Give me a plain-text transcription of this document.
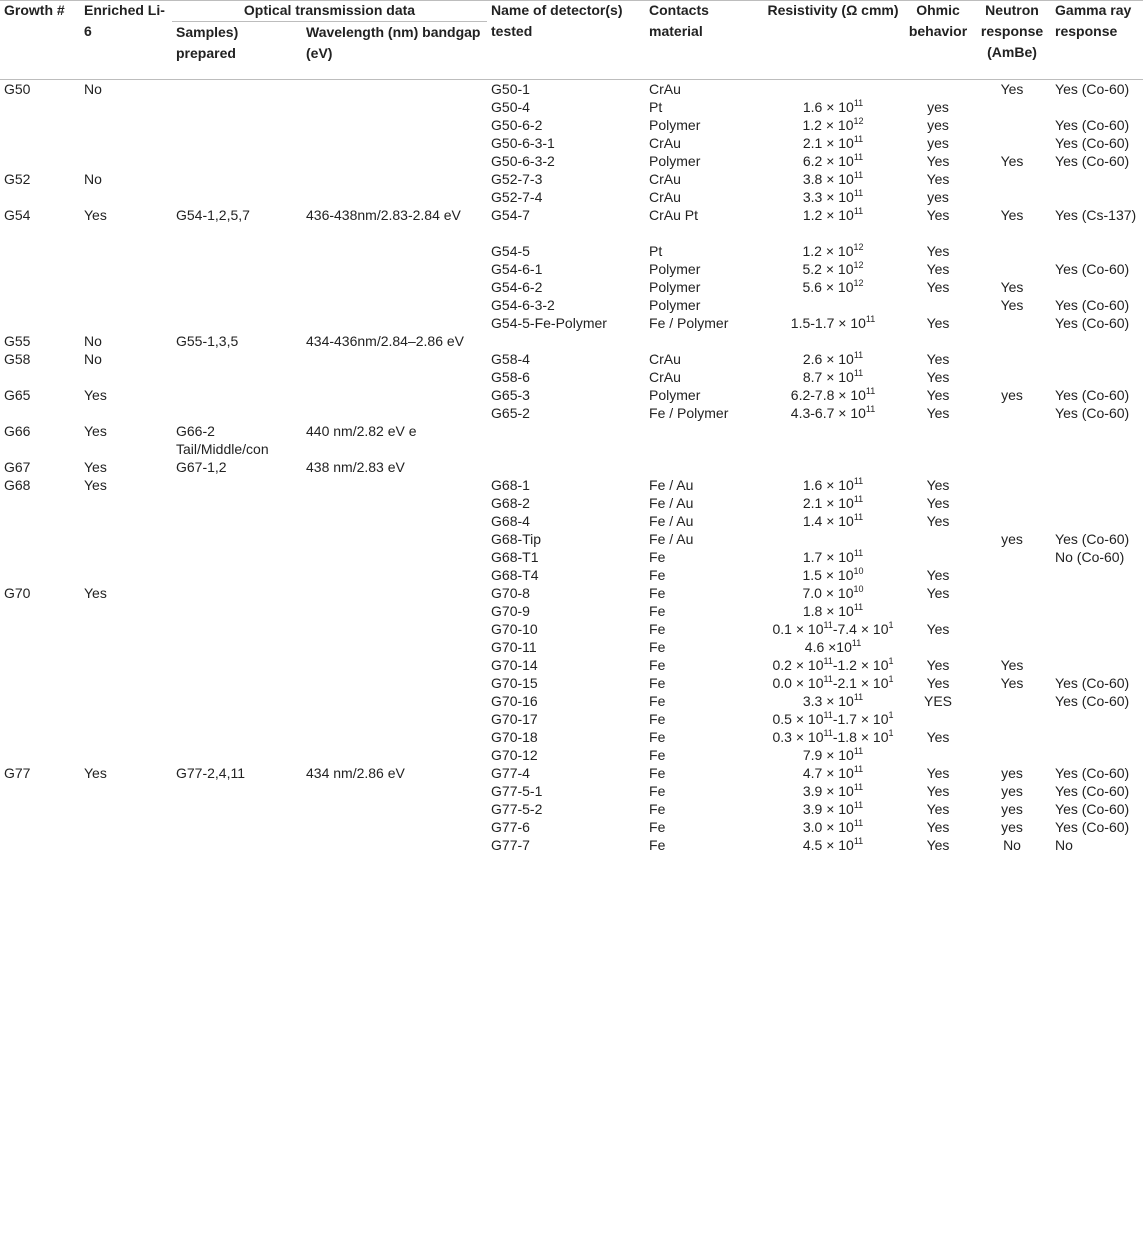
Growth #	Enriched Li-6	Optical transmission data		Name of detector(s) tested	Contacts material	Resistivity (Ω cmm)	Ohmic behavior	Neutron response (AmBe)	Gamma ray response
		Samples) prepared	Wavelength (nm) bandgap (eV)						
G50	No			G50-1	CrAu			Yes	Yes (Co-60)
				G50-4	Pt	$1.6 \times 10^{11}$	yes		
				G50-6-2	Polymer	$1.2 \times 10^{12}$	yes		Yes (Co-60)
				G50-6-3-1	CrAu	$2.1 \times 10^{11}$	yes		Yes (Co-60)
				G50-6-3-2	Polymer	$6.2 \times 10^{11}$	Yes	Yes	Yes (Co-60)
G52	No			G52-7-3	CrAu	$3.8 \times 10^{11}$	Yes		
				G52-7-4	CrAu	$3.3 \times 10^{11}$	yes		
G54	Yes	G54-1,2,5,7	436-438nm/2.83-2.84 eV	G54-7	CrAu Pt	$1.2 \times 10^{11}$	Yes	Yes	Yes (Cs-137)
				G54-5	Pt	$1.2 \times 10^{12}$	Yes		
				G54-6-1	Polymer	$5.2 \times 10^{12}$	Yes		Yes (Co-60)
				G54-6-2	Polymer	$5.6 \times 10^{12}$	Yes	Yes	
				G54-6-3-2	Polymer			Yes	Yes (Co-60)
				G54-5-Fe-Polymer	Fe / Polymer	$1.5-1.7 \times 10^{11}$	Yes		Yes (Co-60)
G55	No	G55-1,3,5	434-436nm/2.84–2.86 eV						
G58	No			G58-4	CrAu	$2.6 \times 10^{11}$	Yes		
				G58-6	CrAu	$8.7 \times 10^{11}$	Yes		
G65	Yes			G65-3	Polymer	$6.2-7.8 \times 10^{11}$	Yes	yes	Yes (Co-60)
				G65-2	Fe / Polymer	$4.3-6.7 \times 10^{11}$	Yes		Yes (Co-60)
G66	Yes	G66-2 Tail/Middle/con	440 nm/2.82 eV e						
G67	Yes	G67-1,2	438 nm/2.83 eV						
G68	Yes			G68-1	Fe / Au	$1.6 \times 10^{11}$	Yes		
				G68-2	Fe / Au	$2.1 \times 10^{11}$	Yes		
				G68-4	Fe / Au	$1.4 \times 10^{11}$	Yes		
				G68-Tip	Fe / Au			yes	Yes (Co-60)
				G68-T1	Fe	$1.7 \times 10^{11}$			No (Co-60)
				G68-T4	Fe	$1.5 \times 10^{10}$	Yes		
G70	Yes			G70-8	Fe	$7.0 \times 10^{10}$	Yes		
				G70-9	Fe	$1.8 \times 10^{11}$			
				G70-10	Fe	$0.1 \times 10^{11}-7.4 \times 10^1$	Yes		
				G70-11	Fe	$4.6 \times 10^{11}$			
				G70-14	Fe	$0.2 \times 10^{11}-1.2 \times 10^1$	Yes	Yes	
				G70-15	Fe	$0.0 \times 10^{11}-2.1 \times 10^1$	Yes	Yes	Yes (Co-60)
				G70-16	Fe	$3.3 \times 10^{11}$	YES		Yes (Co-60)
				G70-17	Fe	$0.5 \times 10^{11}-1.7 \times 10^1$			
				G70-18	Fe	$0.3 \times 10^{11}-1.8 \times 10^1$	Yes		
				G70-12	Fe	$7.9 \times 10^{11}$			
G77	Yes	G77-2,4,11	434 nm/2.86 eV	G77-4	Fe	$4.7 \times 10^{11}$	Yes	yes	Yes (Co-60)
				G77-5-1	Fe	$3.9 \times 10^{11}$	Yes	yes	Yes (Co-60)
				G77-5-2	Fe	$3.9 \times 10^{11}$	Yes	yes	Yes (Co-60)
				G77-6	Fe	$3.0 \times 10^{11}$	Yes	yes	Yes (Co-60)
				G77-7	Fe	$4.5 \times 10^{11}$	Yes	No	No
